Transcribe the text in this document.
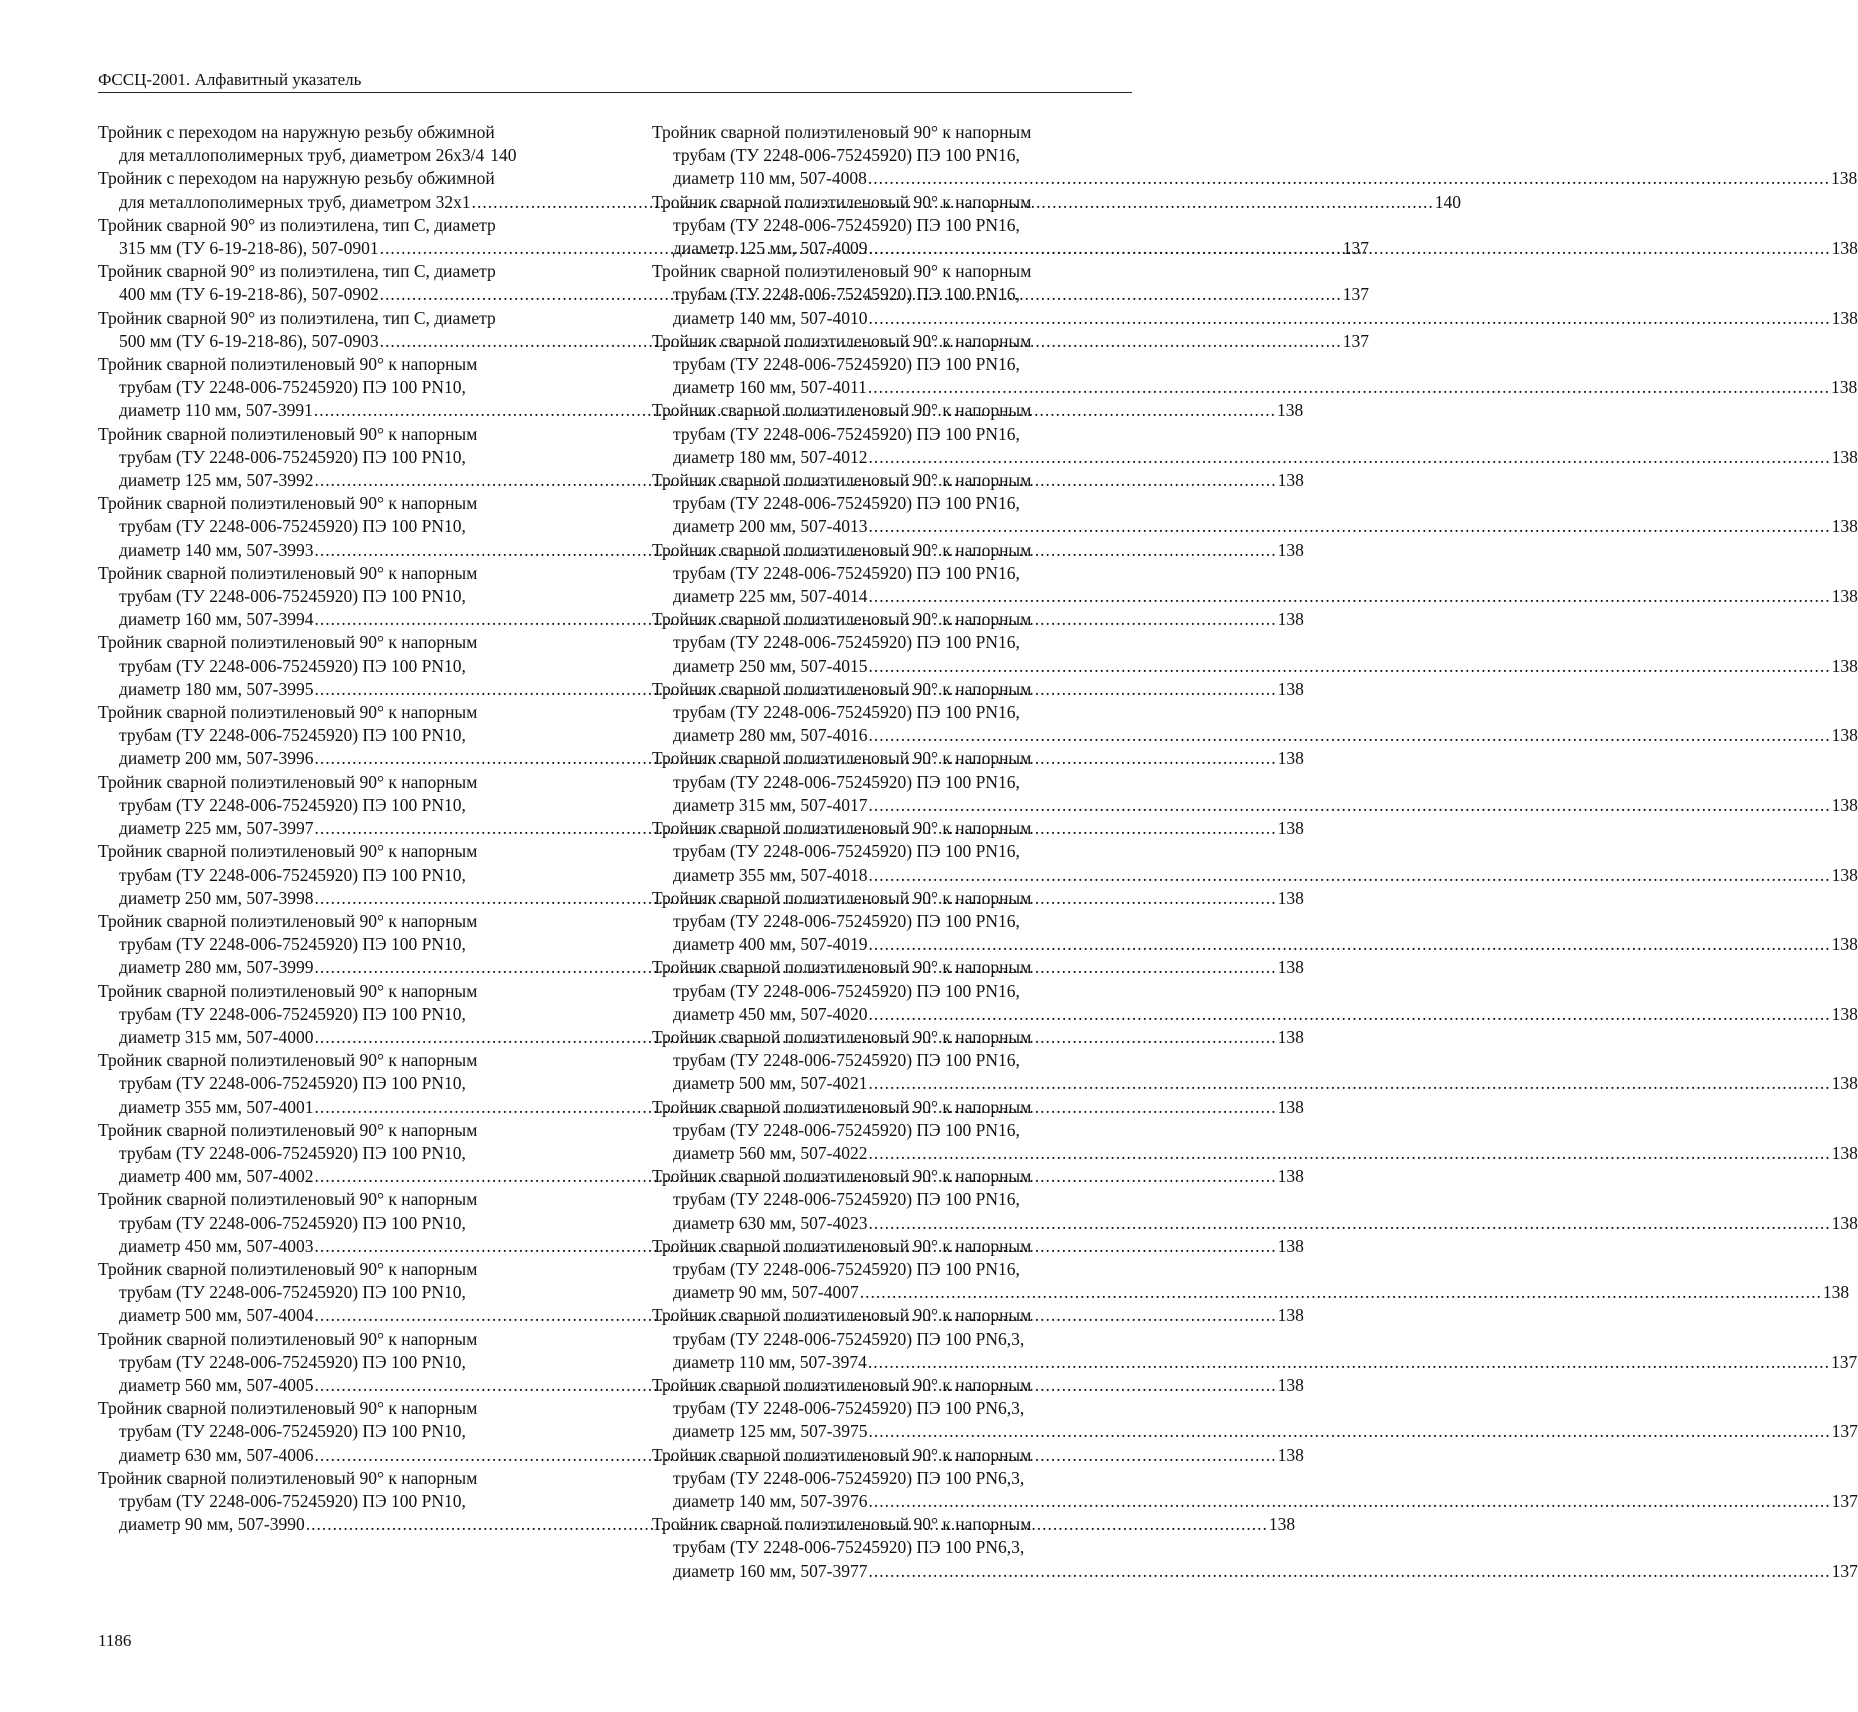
ФССЦ-2001. Алфавитный указатель
Тройник с переходом на наружную резьбу обжимной
для металлополимерных труб, диаметром 26х3/4 140
Тройник с переходом на наружную резьбу обжимной
для металлополимерных труб, диаметром 32х1 .....	140
Тройник сварной 90° из полиэтилена, тип С, диаметр
315 мм (ТУ 6-19-218-86), 507-0901 .....	137
Тройник сварной 90° из полиэтилена, тип С, диаметр
400 мм (ТУ 6-19-218-86), 507-0902 .....	137
Тройник сварной 90° из полиэтилена, тип С, диаметр
500 мм (ТУ 6-19-218-86), 507-0903 .....	137
Тройник сварной полиэтиленовый 90° к напорным
трубам (ТУ 2248-006-75245920) ПЭ 100 PN10,
диаметр 110 мм, 507-3991 .....	138
Тройник сварной полиэтиленовый 90° к напорным
трубам (ТУ 2248-006-75245920) ПЭ 100 PN10,
диаметр 125 мм, 507-3992 .....	138
Тройник сварной полиэтиленовый 90° к напорным
трубам (ТУ 2248-006-75245920) ПЭ 100 PN10,
диаметр 140 мм, 507-3993 .....	138
Тройник сварной полиэтиленовый 90° к напорным
трубам (ТУ 2248-006-75245920) ПЭ 100 PN10,
диаметр 160 мм, 507-3994 .....	138
Тройник сварной полиэтиленовый 90° к напорным
трубам (ТУ 2248-006-75245920) ПЭ 100 PN10,
диаметр 180 мм, 507-3995 .....	138
Тройник сварной полиэтиленовый 90° к напорным
трубам (ТУ 2248-006-75245920) ПЭ 100 PN10,
диаметр 200 мм, 507-3996 .....	138
Тройник сварной полиэтиленовый 90° к напорным
трубам (ТУ 2248-006-75245920) ПЭ 100 PN10,
диаметр 225 мм, 507-3997 .....	138
Тройник сварной полиэтиленовый 90° к напорным
трубам (ТУ 2248-006-75245920) ПЭ 100 PN10,
диаметр 250 мм, 507-3998 .....	138
Тройник сварной полиэтиленовый 90° к напорным
трубам (ТУ 2248-006-75245920) ПЭ 100 PN10,
диаметр 280 мм, 507-3999 .....	138
Тройник сварной полиэтиленовый 90° к напорным
трубам (ТУ 2248-006-75245920) ПЭ 100 PN10,
диаметр 315 мм, 507-4000 .....	138
Тройник сварной полиэтиленовый 90° к напорным
трубам (ТУ 2248-006-75245920) ПЭ 100 PN10,
диаметр 355 мм, 507-4001 .....	138
Тройник сварной полиэтиленовый 90° к напорным
трубам (ТУ 2248-006-75245920) ПЭ 100 PN10,
диаметр 400 мм, 507-4002 .....	138
Тройник сварной полиэтиленовый 90° к напорным
трубам (ТУ 2248-006-75245920) ПЭ 100 PN10,
диаметр 450 мм, 507-4003 .....	138
Тройник сварной полиэтиленовый 90° к напорным
трубам (ТУ 2248-006-75245920) ПЭ 100 PN10,
диаметр 500 мм, 507-4004 .....	138
Тройник сварной полиэтиленовый 90° к напорным
трубам (ТУ 2248-006-75245920) ПЭ 100 PN10,
диаметр 560 мм, 507-4005 .....	138
Тройник сварной полиэтиленовый 90° к напорным
трубам (ТУ 2248-006-75245920) ПЭ 100 PN10,
диаметр 630 мм, 507-4006 .....	138
Тройник сварной полиэтиленовый 90° к напорным
трубам (ТУ 2248-006-75245920) ПЭ 100 PN10,
диаметр 90 мм, 507-3990 .....	138
Тройник сварной полиэтиленовый 90° к напорным
трубам (ТУ 2248-006-75245920) ПЭ 100 PN16,
диаметр 110 мм, 507-4008 .....	138
Тройник сварной полиэтиленовый 90° к напорным
трубам (ТУ 2248-006-75245920) ПЭ 100 PN16,
диаметр 125 мм, 507-4009 .....	138
Тройник сварной полиэтиленовый 90° к напорным
трубам (ТУ 2248-006-75245920) ПЭ 100 PN16,
диаметр 140 мм, 507-4010 .....	138
Тройник сварной полиэтиленовый 90° к напорным
трубам (ТУ 2248-006-75245920) ПЭ 100 PN16,
диаметр 160 мм, 507-4011 .....	138
Тройник сварной полиэтиленовый 90° к напорным
трубам (ТУ 2248-006-75245920) ПЭ 100 PN16,
диаметр 180 мм, 507-4012 .....	138
Тройник сварной полиэтиленовый 90° к напорным
трубам (ТУ 2248-006-75245920) ПЭ 100 PN16,
диаметр 200 мм, 507-4013 .....	138
Тройник сварной полиэтиленовый 90° к напорным
трубам (ТУ 2248-006-75245920) ПЭ 100 PN16,
диаметр 225 мм, 507-4014 .....	138
Тройник сварной полиэтиленовый 90° к напорным
трубам (ТУ 2248-006-75245920) ПЭ 100 PN16,
диаметр 250 мм, 507-4015 .....	138
Тройник сварной полиэтиленовый 90° к напорным
трубам (ТУ 2248-006-75245920) ПЭ 100 PN16,
диаметр 280 мм, 507-4016 .....	138
Тройник сварной полиэтиленовый 90° к напорным
трубам (ТУ 2248-006-75245920) ПЭ 100 PN16,
диаметр 315 мм, 507-4017 .....	138
Тройник сварной полиэтиленовый 90° к напорным
трубам (ТУ 2248-006-75245920) ПЭ 100 PN16,
диаметр 355 мм, 507-4018 .....	138
Тройник сварной полиэтиленовый 90° к напорным
трубам (ТУ 2248-006-75245920) ПЭ 100 PN16,
диаметр 400 мм, 507-4019 .....	138
Тройник сварной полиэтиленовый 90° к напорным
трубам (ТУ 2248-006-75245920) ПЭ 100 PN16,
диаметр 450 мм, 507-4020 .....	138
Тройник сварной полиэтиленовый 90° к напорным
трубам (ТУ 2248-006-75245920) ПЭ 100 PN16,
диаметр 500 мм, 507-4021 .....	138
Тройник сварной полиэтиленовый 90° к напорным
трубам (ТУ 2248-006-75245920) ПЭ 100 PN16,
диаметр 560 мм, 507-4022 .....	138
Тройник сварной полиэтиленовый 90° к напорным
трубам (ТУ 2248-006-75245920) ПЭ 100 PN16,
диаметр 630 мм, 507-4023 .....	138
Тройник сварной полиэтиленовый 90° к напорным
трубам (ТУ 2248-006-75245920) ПЭ 100 PN16,
диаметр 90 мм, 507-4007 .....	138
Тройник сварной полиэтиленовый 90° к напорным
трубам (ТУ 2248-006-75245920) ПЭ 100 PN6,3,
диаметр 110 мм, 507-3974 .....	137
Тройник сварной полиэтиленовый 90° к напорным
трубам (ТУ 2248-006-75245920) ПЭ 100 PN6,3,
диаметр 125 мм, 507-3975 .....	137
Тройник сварной полиэтиленовый 90° к напорным
трубам (ТУ 2248-006-75245920) ПЭ 100 PN6,3,
диаметр 140 мм, 507-3976 .....	137
Тройник сварной полиэтиленовый 90° к напорным
трубам (ТУ 2248-006-75245920) ПЭ 100 PN6,3,
диаметр 160 мм, 507-3977 .....	137
1186
